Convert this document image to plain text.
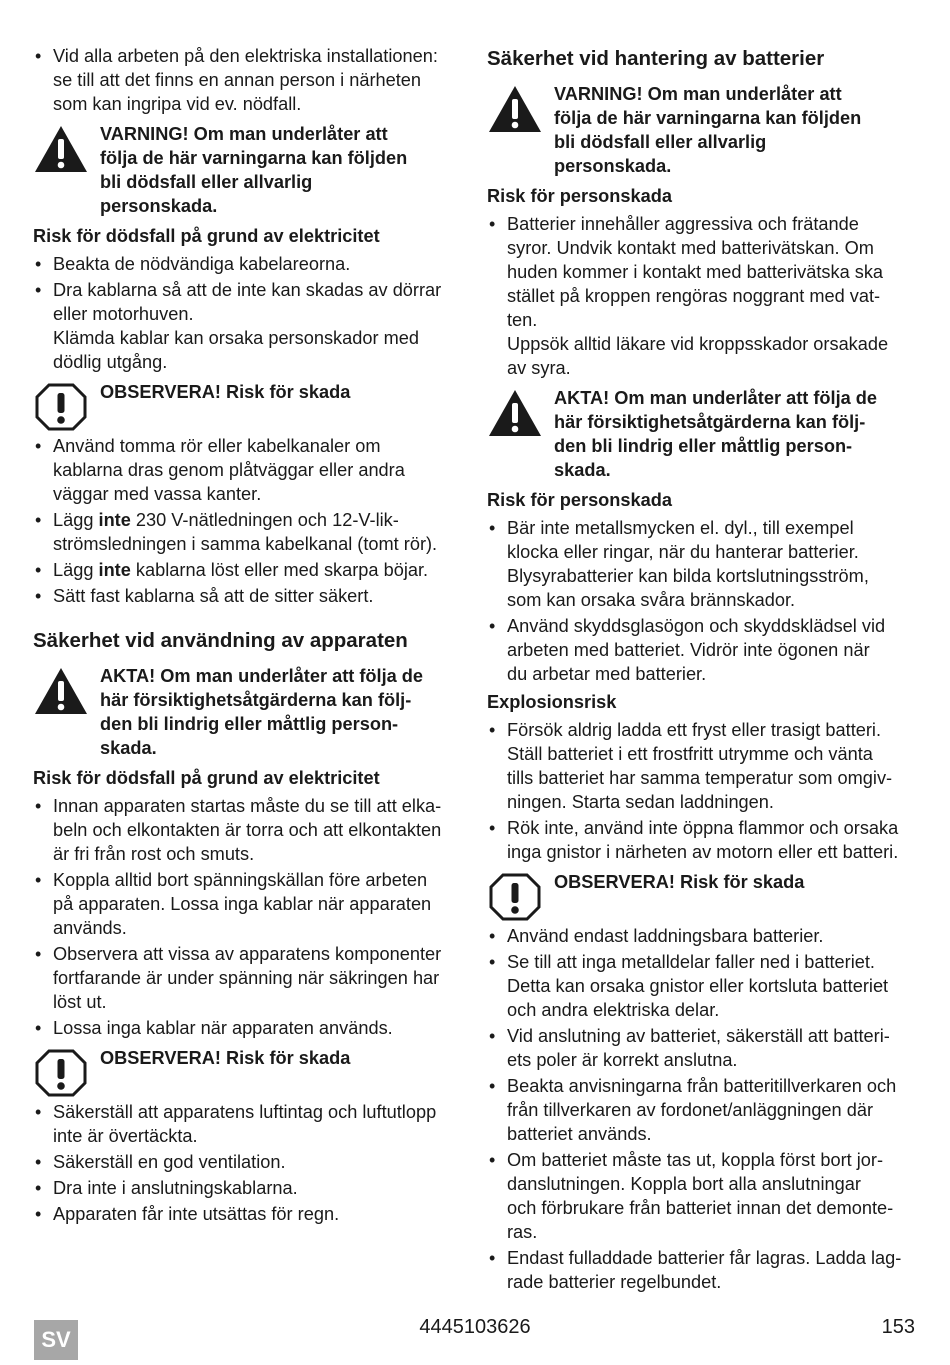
• Vid alla arbeten på den elektriska installationen:
se till att det finns en annan person i närheten
som kan ingripa vid ev. nödfall.
VARNING! Om man underlåter att
följa de här varningarna kan följden
bli dödsfall eller allvarlig
personskada.
Risk för dödsfall på grund av elektricitet
• Beakta de nödvändiga kabelareorna.
• Dra kablarna så att de inte kan skadas av dörrar
eller motorhuven.
Klämda kablar kan orsaka personskador med
dödlig utgång.
OBSERVERA! Risk för skada
• Använd tomma rör eller kabelkanaler om
kablarna dras genom plåtväggar eller andra
väggar med vassa kanter.
• Lägg inte 230 V-nätledningen och 12-V-lik-
strömsledningen i samma kabelkanal (tomt rör).
• Lägg inte kablarna löst eller med skarpa böjar.
• Sätt fast kablarna så att de sitter säkert.
Säkerhet vid användning av apparaten
AKTA! Om man underlåter att följa de
här försiktighetsåtgärderna kan följ-
den bli lindrig eller måttlig person-
skada.
Risk för dödsfall på grund av elektricitet
• Innan apparaten startas måste du se till att elka-
beln och elkontakten är torra och att elkontakten
är fri från rost och smuts.
• Koppla alltid bort spänningskällan före arbeten
på apparaten. Lossa inga kablar när apparaten
används.
• Observera att vissa av apparatens komponenter
fortfarande är under spänning när säkringen har
löst ut.
• Lossa inga kablar när apparaten används.
OBSERVERA! Risk för skada
• Säkerställ att apparatens luftintag och luftutlopp
inte är övertäckta.
• Säkerställ en god ventilation.
• Dra inte i anslutningskablarna.
• Apparaten får inte utsättas för regn.
Säkerhet vid hantering av batterier
VARNING! Om man underlåter att
följa de här varningarna kan följden
bli dödsfall eller allvarlig
personskada.
Risk för personskada
• Batterier innehåller aggressiva och frätande
syror. Undvik kontakt med batterivätskan. Om
huden kommer i kontakt med batterivätska ska
stället på kroppen rengöras noggrant med vat-
ten.
Uppsök alltid läkare vid kroppsskador orsakade
av syra.
AKTA! Om man underlåter att följa de
här försiktighetsåtgärderna kan följ-
den bli lindrig eller måttlig person-
skada.
Risk för personskada
• Bär inte metallsmycken el. dyl., till exempel
klocka eller ringar, när du hanterar batterier.
Blysyrabatterier kan bilda kortslutningsström,
som kan orsaka svåra brännskador.
• Använd skyddsglasögon och skyddsklädsel vid
arbeten med batteriet. Vidrör inte ögonen när
du arbetar med batterier.
Explosionsrisk
• Försök aldrig ladda ett fryst eller trasigt batteri.
Ställ batteriet i ett frostfritt utrymme och vänta
tills batteriet har samma temperatur som omgiv-
ningen. Starta sedan laddningen.
• Rök inte, använd inte öppna flammor och orsaka
inga gnistor i närheten av motorn eller ett batteri.
OBSERVERA! Risk för skada
• Använd endast laddningsbara batterier.
• Se till att inga metalldelar faller ned i batteriet.
Detta kan orsaka gnistor eller kortsluta batteriet
och andra elektriska delar.
• Vid anslutning av batteriet, säkerställ att batteri-
ets poler är korrekt anslutna.
• Beakta anvisningarna från batteritillverkaren och
från tillverkaren av fordonet/anläggningen där
batteriet används.
• Om batteriet måste tas ut, koppla först bort jor-
danslutningen. Koppla bort alla anslutningar
och förbrukare från batteriet innan det demonte-
ras.
• Endast fulladdade batterier får lagras. Ladda lag-
rade batterier regelbundet.
SV	4445103626	153
